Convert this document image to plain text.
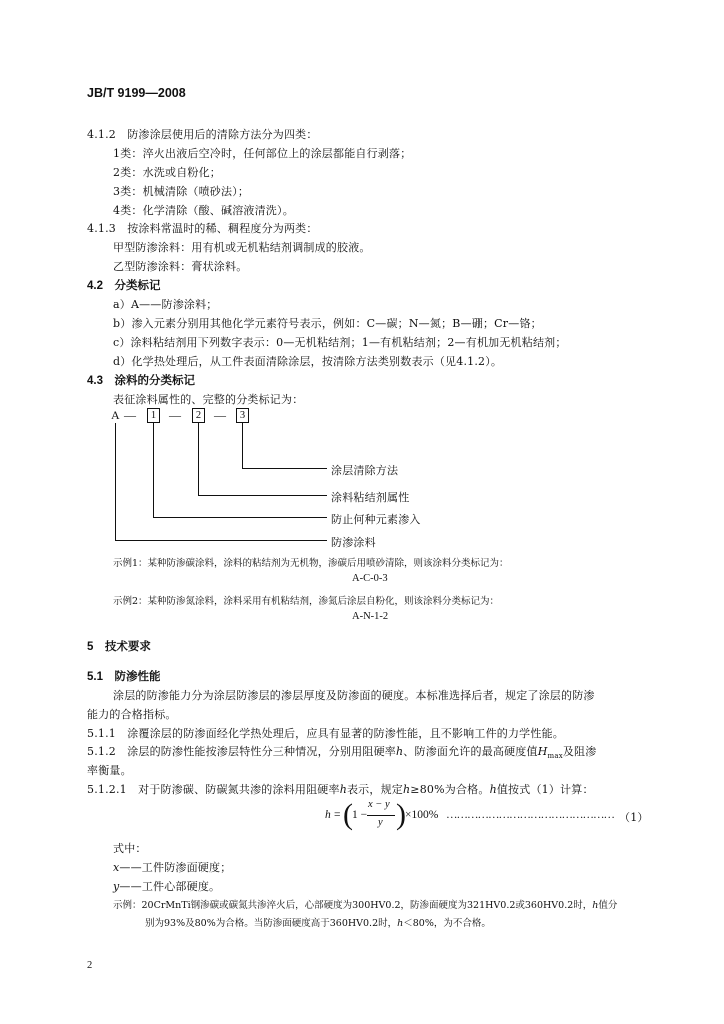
JB/T 9199—2008
4.1.2　防渗涂层使用后的清除方法分为四类：
1类：淬火出液后空冷时，任何部位上的涂层都能自行剥落；
2类：水洗或自粉化；
3类：机械清除（喷砂法）；
4类：化学清除（酸、碱溶液清洗）。
4.1.3　按涂料常温时的稀、稠程度分为两类：
甲型防渗涂料：用有机或无机粘结剂调制成的胶液。
乙型防渗涂料：膏状涂料。
4.2　分类标记
a）A——防渗涂料；
b）渗入元素分别用其他化学元素符号表示，例如：C—碳；N—氮；B—硼；Cr—铬；
c）涂料粘结剂用下列数字表示：0—无机粘结剂；1—有机粘结剂；2—有机加无机粘结剂；
d）化学热处理后，从工件表面清除涂层，按清除方法类别数表示（见4.1.2）。
4.3　涂料的分类标记
表征涂料属性的、完整的分类标记为：
A —	1	—	2	—	3
涂层清除方法
涂料粘结剂属性
防止何种元素渗入
防渗涂料
示例1：某种防渗碳涂料，涂料的粘结剂为无机物，渗碳后用喷砂清除，则该涂料分类标记为：
A-C-0-3
示例2：某种防渗氮涂料，涂料采用有机粘结剂，渗氮后涂层自粉化，则该涂料分类标记为：
A-N-1-2
5　技术要求
5.1　防渗性能
涂层的防渗能力分为涂层防渗层的渗层厚度及防渗面的硬度。本标准选择后者，规定了涂层的防渗
能力的合格指标。
5.1.1　涂覆涂层的防渗面经化学热处理后，应具有显著的防渗性能，且不影响工件的力学性能。
5.1.2　涂层的防渗性能按渗层特性分三种情况，分别用阻硬率h、防渗面允许的最高硬度值$H_{max}$及阻渗
率衡量。
5.1.2.1　对于防渗碳、防碳氮共渗的涂料用阻硬率h表示，规定h≥80%为合格。h值按式（1）计算：
h = ( 1 −
x − y
y ) ×100% ………………………………………… （1）
式中：
x——工件防渗面硬度；
y——工件心部硬度。
示例：20CrMnTi钢渗碳或碳氮共渗淬火后，心部硬度为300HV0.2，防渗面硬度为321HV0.2或360HV0.2时，h值分
别为93%及80%为合格。当防渗面硬度高于360HV0.2时，h＜80%，为不合格。
2
